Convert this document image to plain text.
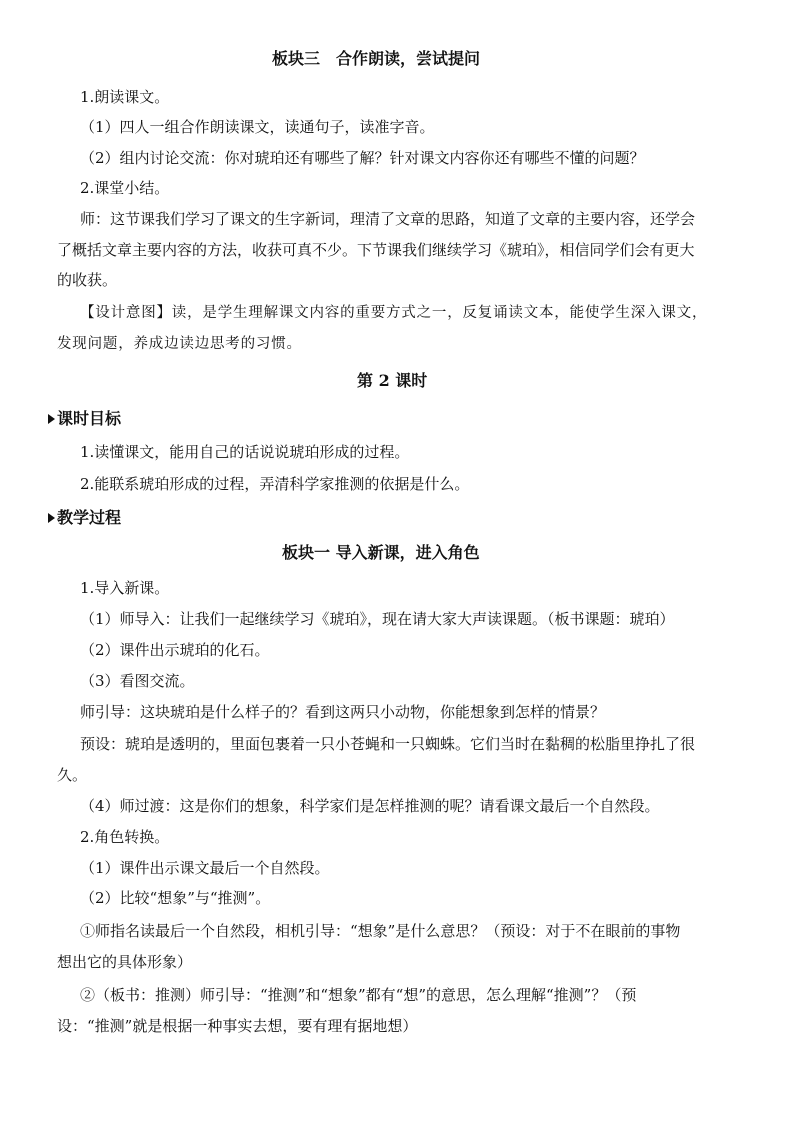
板块三　合作朗读，尝试提问
1.朗读课文。
（1）四人一组合作朗读课文，读通句子，读准字音。
（2）组内讨论交流：你对琥珀还有哪些了解？针对课文内容你还有哪些不懂的问题？
2.课堂小结。
师：这节课我们学习了课文的生字新词，理清了文章的思路，知道了文章的主要内容，还学会
了概括文章主要内容的方法，收获可真不少。下节课我们继续学习《琥珀》，相信同学们会有更大
的收获。
【设计意图】读，是学生理解课文内容的重要方式之一，反复诵读文本，能使学生深入课文，
发现问题，养成边读边思考的习惯。
第 2 课时
课时目标
1.读懂课文，能用自己的话说说琥珀形成的过程。
2.能联系琥珀形成的过程，弄清科学家推测的依据是什么。
教学过程
板块一 导入新课，进入角色
1.导入新课。
（1）师导入：让我们一起继续学习《琥珀》，现在请大家大声读课题。（板书课题：琥珀）
（2）课件出示琥珀的化石。
（3）看图交流。
师引导：这块琥珀是什么样子的？看到这两只小动物，你能想象到怎样的情景？
预设：琥珀是透明的，里面包裹着一只小苍蝇和一只蜘蛛。它们当时在黏稠的松脂里挣扎了很
久。
（4）师过渡：这是你们的想象，科学家们是怎样推测的呢？请看课文最后一个自然段。
2.角色转换。
（1）课件出示课文最后一个自然段。
（2）比较“想象”与“推测”。
①师指名读最后一个自然段，相机引导：“想象”是什么意思？（预设：对于不在眼前的事物
想出它的具体形象）
②（板书：推测）师引导：“推测”和“想象”都有“想”的意思，怎么理解“推测”？（预
设：“推测”就是根据一种事实去想，要有理有据地想）
